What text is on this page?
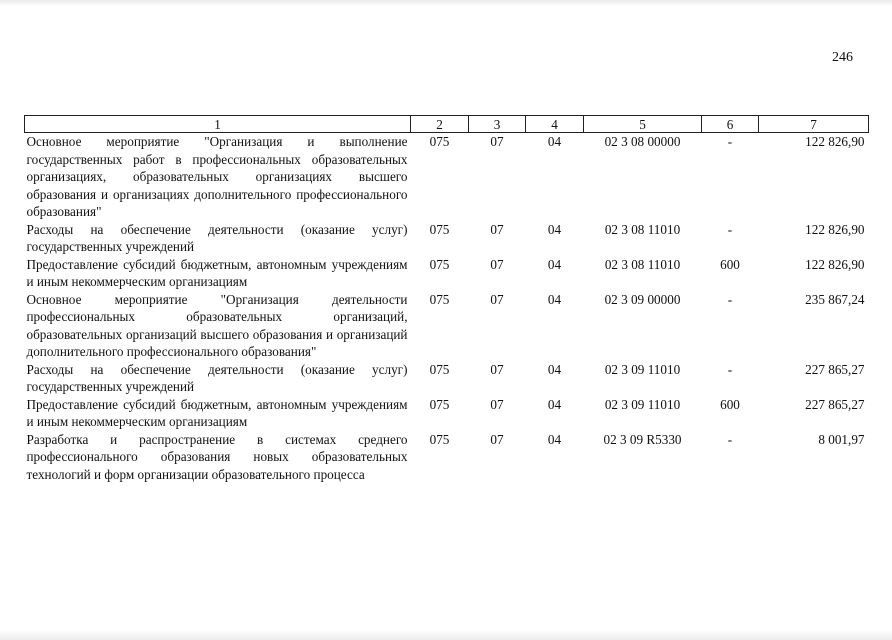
246
1	2	3	4	5	6	7
Основное мероприятие "Организация и выполнение государственных работ в профессиональных образовательных организациях, образовательных организациях высшего образования и организациях дополнительного профессионального образования"	075	07	04	02 3 08 00000	-	122 826,90
Расходы на обеспечение деятельности (оказание услуг) государственных учреждений	075	07	04	02 3 08 11010	-	122 826,90
Предоставление субсидий бюджетным, автономным учреждениям и иным некоммерческим организациям	075	07	04	02 3 08 11010	600	122 826,90
Основное мероприятие "Организация деятельности профессиональных образовательных организаций, образовательных организаций высшего образования и организаций дополнительного профессионального образования"	075	07	04	02 3 09 00000	-	235 867,24
Расходы на обеспечение деятельности (оказание услуг) государственных учреждений	075	07	04	02 3 09 11010	-	227 865,27
Предоставление субсидий бюджетным, автономным учреждениям и иным некоммерческим организациям	075	07	04	02 3 09 11010	600	227 865,27
Разработка и распространение в системах среднего профессионального образования новых образовательных технологий и форм организации образовательного процесса	075	07	04	02 3 09 R5330	-	8 001,97
